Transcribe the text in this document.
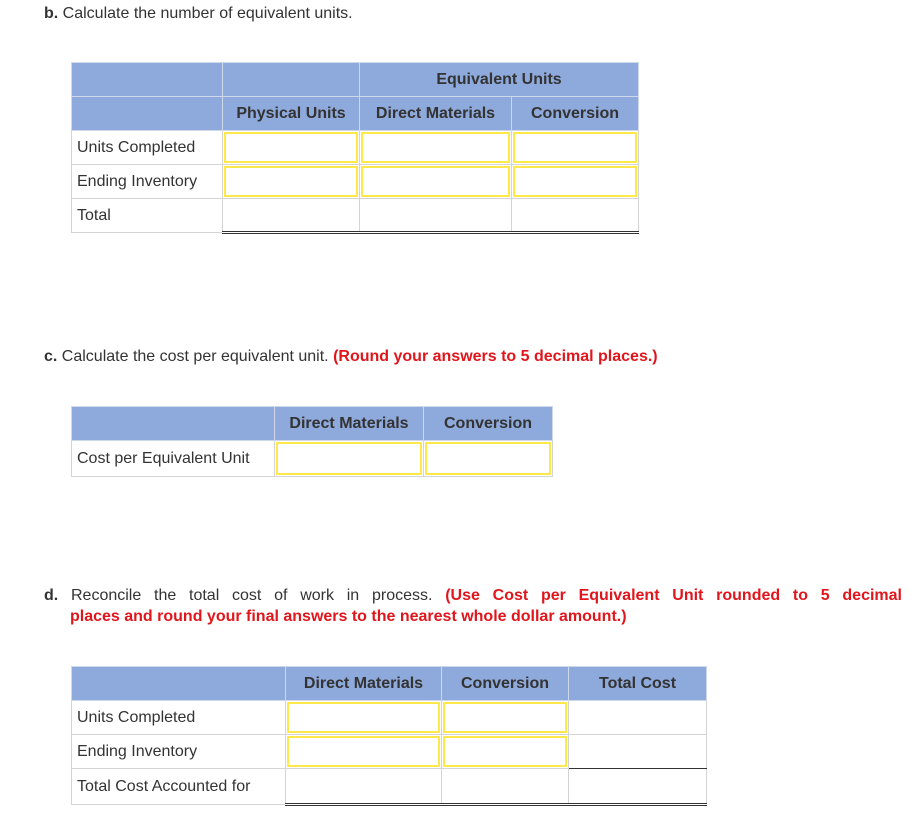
b. Calculate the number of equivalent units.
		Equivalent Units	
	Physical Units	Direct Materials	Conversion
Units Completed	

Ending Inventory	

Total			
c. Calculate the cost per equivalent unit. (Round your answers to 5 decimal places.)
	Direct Materials	Conversion
Cost per Equivalent Unit	

d. Reconcile the total cost of work in process. (Use Cost per Equivalent Unit rounded to 5 decimal
places and round your final answers to the nearest whole dollar amount.)
	Direct Materials	Conversion	Total Cost
Units Completed	

Ending Inventory	

Total Cost Accounted for			
